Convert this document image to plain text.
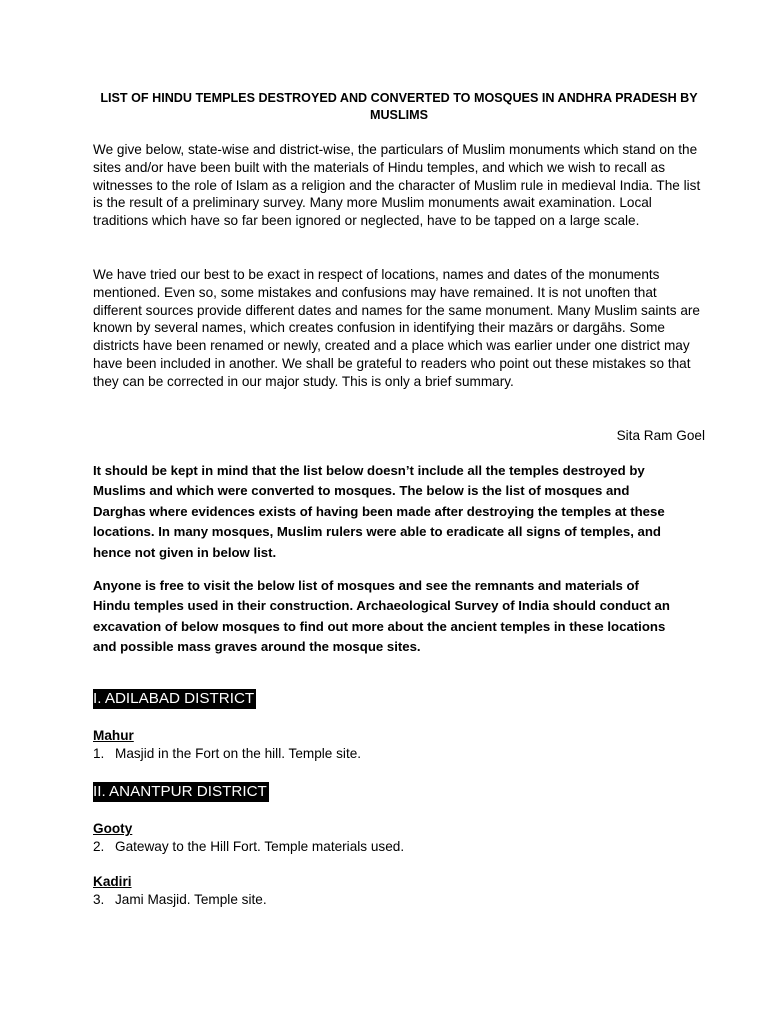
LIST OF HINDU TEMPLES DESTROYED AND CONVERTED TO MOSQUES IN ANDHRA PRADESH BY MUSLIMS
We give below, state-wise and district-wise, the particulars of Muslim monuments which stand on the sites and/or have been built with the materials of Hindu temples, and which we wish to recall as witnesses to the role of Islam as a religion and the character of Muslim rule in medieval India. The list is the result of a preliminary survey. Many more Muslim monuments await examination. Local traditions which have so far been ignored or neglected, have to be tapped on a large scale.
We have tried our best to be exact in respect of locations, names and dates of the monuments mentioned. Even so, some mistakes and confusions may have remained. It is not unoften that different sources provide different dates and names for the same monument. Many Muslim saints are known by several names, which creates confusion in identifying their mazārs or dargāhs. Some districts have been renamed or newly, created and a place which was earlier under one district may have been included in another. We shall be grateful to readers who point out these mistakes so that they can be corrected in our major study. This is only a brief summary.
Sita Ram Goel
It should be kept in mind that the list below doesn’t include all the temples destroyed by Muslims and which were converted to mosques. The below is the list of mosques and Darghas where evidences exists of having been made after destroying the temples at these locations. In many mosques, Muslim rulers were able to eradicate all signs of temples, and hence not given in below list.
Anyone is free to visit the below list of mosques and see the remnants and materials of Hindu temples used in their construction. Archaeological Survey of India should conduct an excavation of below mosques to find out more about the ancient temples in these locations and possible mass graves around the mosque sites.
I. ADILABAD DISTRICT
Mahur
1. Masjid in the Fort on the hill. Temple site.
II. ANANTPUR DISTRICT
Gooty
2. Gateway to the Hill Fort. Temple materials used.
Kadiri
3. Jami Masjid. Temple site.
